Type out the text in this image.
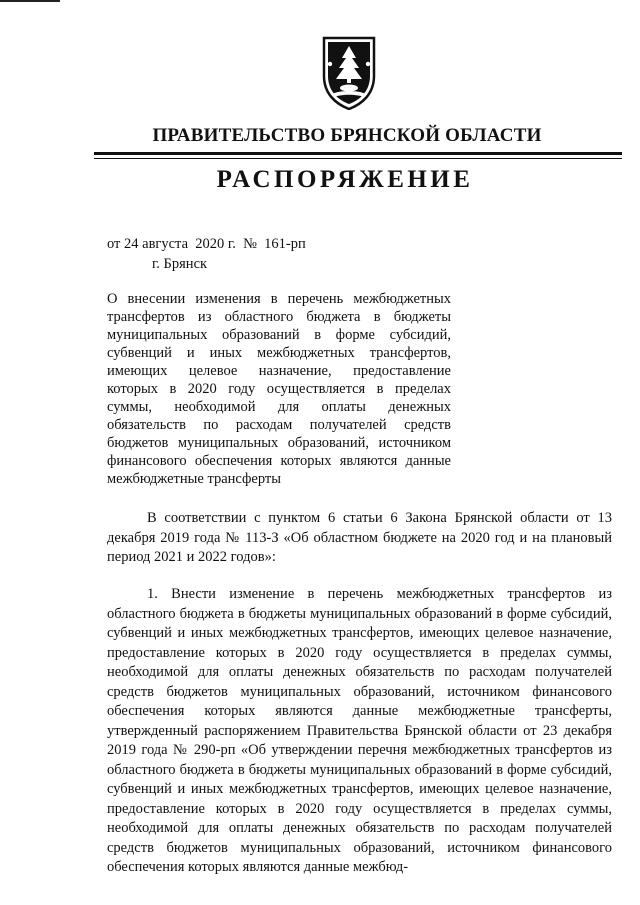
ПРАВИТЕЛЬСТВО БРЯНСКОЙ ОБЛАСТИ
РАСПОРЯЖЕНИЕ
от 24 августа  2020 г.  №  161-рп
г. Брянск
О внесении изменения в перечень межбюджетных трансфертов из областного бюджета в бюджеты муниципальных образований в форме субсидий, субвенций и иных межбюджетных трансфертов, имеющих целевое назначение, предоставление которых в 2020 году осуществляется в пределах суммы, необходимой для оплаты денежных обязательств по расходам получателей средств бюджетов муниципальных образований, источником финансового обеспечения которых являются данные межбюджетные трансферты
В соответствии с пунктом 6 статьи 6 Закона Брянской области от 13 декабря 2019 года № 113-З «Об областном бюджете на 2020 год и на плановый период 2021 и 2022 годов»:
1. Внести изменение в перечень межбюджетных трансфертов из областного бюджета в бюджеты муниципальных образований в форме субсидий, субвенций и иных межбюджетных трансфертов, имеющих целевое назначение, предоставление которых в 2020 году осуществляется в пределах суммы, необходимой для оплаты денежных обязательств по расходам получателей средств бюджетов муниципальных образований, источником финансового обеспечения которых являются данные межбюджетные трансферты, утвержденный распоряжением Правительства Брянской области от 23 декабря 2019 года № 290-рп «Об утверждении перечня межбюджетных трансфертов из областного бюджета в бюджеты муниципальных образований в форме субсидий, субвенций и иных межбюджетных трансфертов, имеющих целевое назначение, предоставление которых в 2020 году осуществляется в пределах суммы, необходимой для оплаты денежных обязательств по расходам получателей средств бюджетов муниципальных образований, источником финансового обеспечения которых являются данные межбюд-
